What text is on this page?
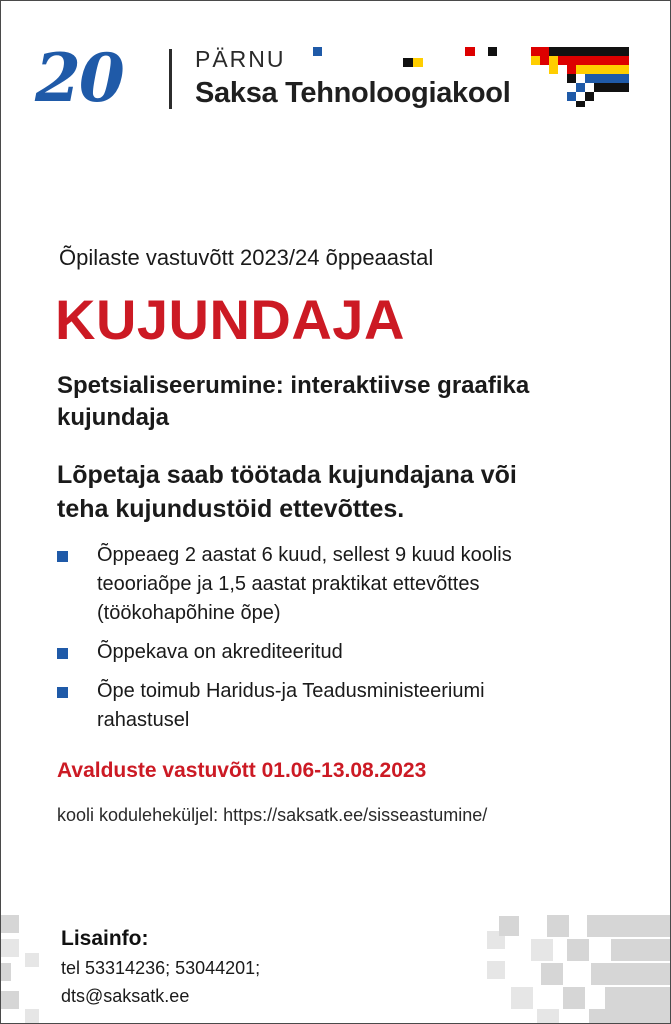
20	PÄRNU
Saksa Tehnoloogiakool
Õpilaste vastuvõtt 2023/24 õppeaastal
KUJUNDAJA
Spetsialiseerumine: interaktiivse graafika
kujundaja
Lõpetaja saab töötada kujundajana või
teha kujundustöid ettevõttes.
Õppeaeg 2 aastat 6 kuud, sellest 9 kuud koolis
teooriaõpe ja 1,5 aastat praktikat ettevõttes
(töökohapõhine õpe)
Õppekava on akrediteeritud
Õpe toimub Haridus-ja Teadusministeeriumi
rahastusel
Avalduste vastuvõtt 01.06-13.08.2023
kooli koduleheküljel: https://saksatk.ee/sisseastumine/
Lisainfo:
tel 53314236; 53044201;
dts@saksatk.ee
